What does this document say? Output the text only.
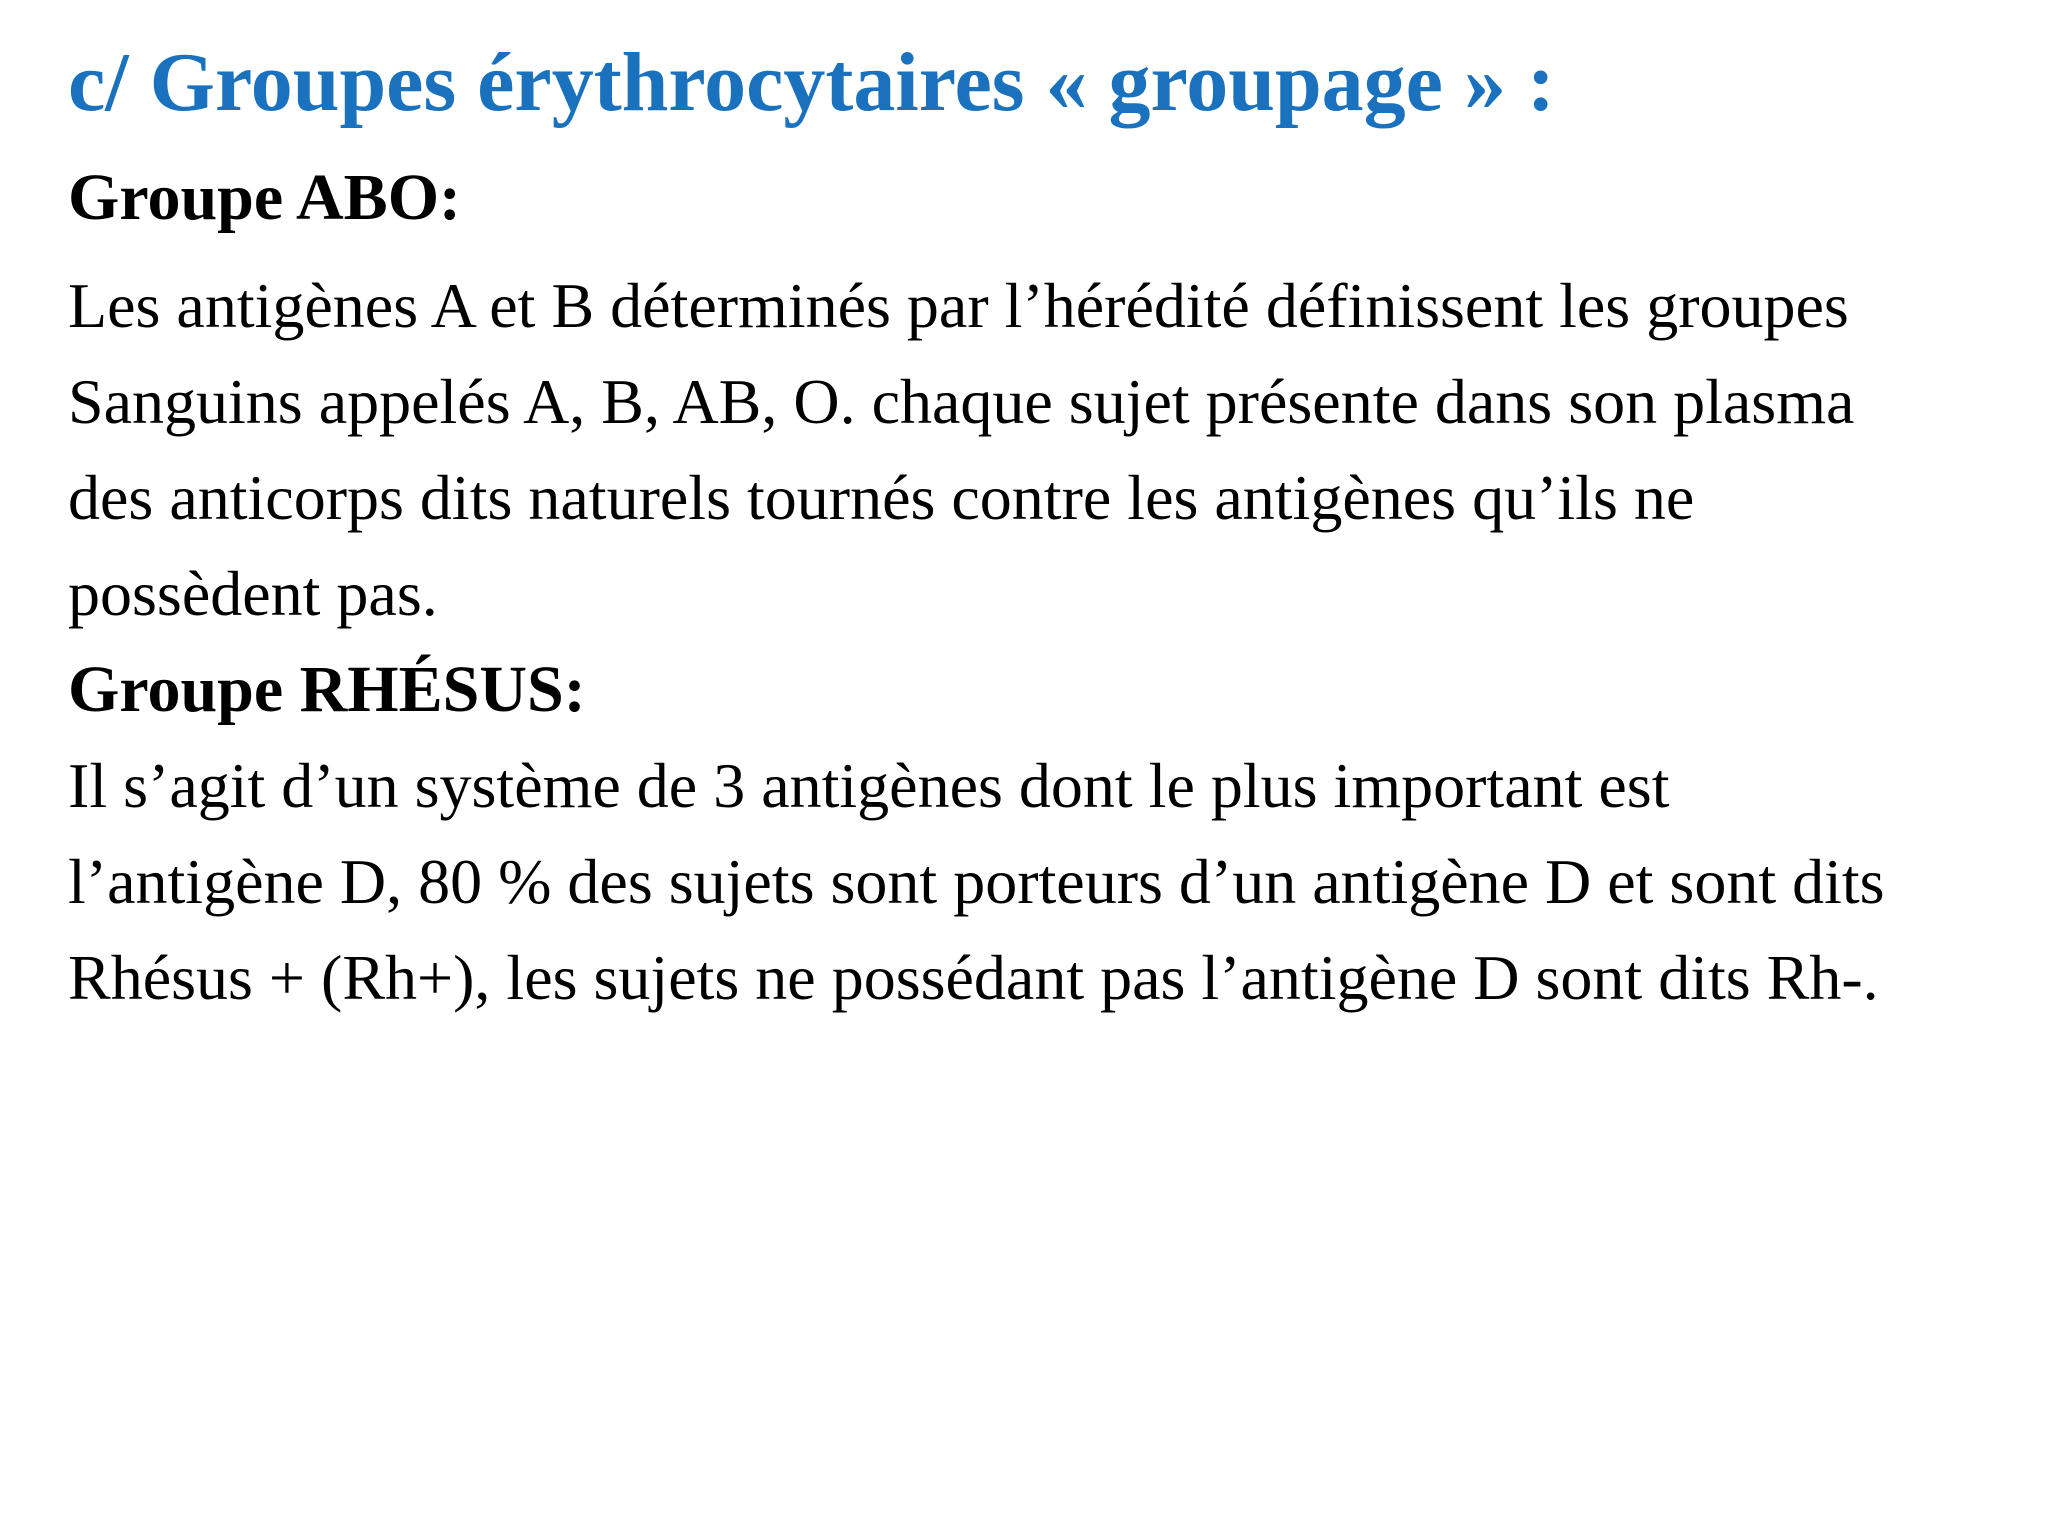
c/ Groupes érythrocytaires « groupage » :
Groupe ABO:
Les antigènes A et B déterminés par l’hérédité définissent les groupes
Sanguins appelés A, B, AB, O. chaque sujet présente dans son plasma
des anticorps dits naturels tournés contre les antigènes qu’ils ne
possèdent pas.
Groupe RHÉSUS:
Il s’agit d’un système de 3 antigènes dont le plus important est
l’antigène D, 80 % des sujets sont porteurs d’un antigène D et sont dits
Rhésus + (Rh+), les sujets ne possédant pas l’antigène D sont dits Rh-.
